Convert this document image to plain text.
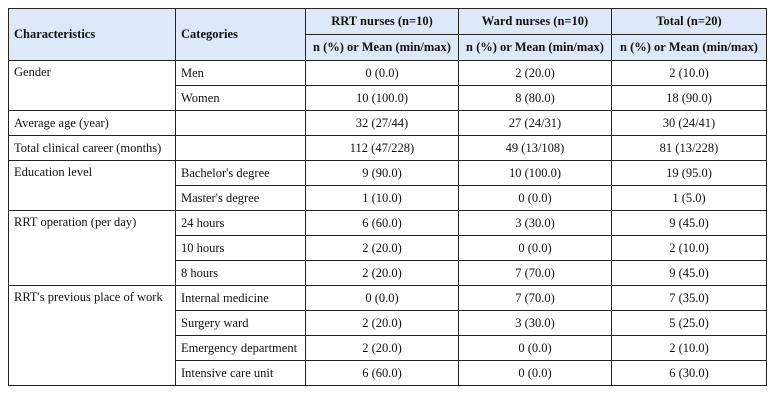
Characteristics	Categories	RRT nurses (n=10)	Ward nurses (n=10)	Total (n=20)
		n (%) or Mean (min/max)	n (%) or Mean (min/max)	n (%) or Mean (min/max)
Gender	Men	0 (0.0)	2 (20.0)	2 (10.0)
	Women	10 (100.0)	8 (80.0)	18 (90.0)
Average age (year)		32 (27/44)	27 (24/31)	30 (24/41)
Total clinical career (months)		112 (47/228)	49 (13/108)	81 (13/228)
Education level	Bachelor's degree	9 (90.0)	10 (100.0)	19 (95.0)
	Master's degree	1 (10.0)	0 (0.0)	1 (5.0)
RRT operation (per day)	24 hours	6 (60.0)	3 (30.0)	9 (45.0)
	10 hours	2 (20.0)	0 (0.0)	2 (10.0)
	8 hours	2 (20.0)	7 (70.0)	9 (45.0)
RRT's previous place of work	Internal medicine	0 (0.0)	7 (70.0)	7 (35.0)
	Surgery ward	2 (20.0)	3 (30.0)	5 (25.0)
	Emergency department	2 (20.0)	0 (0.0)	2 (10.0)
	Intensive care unit	6 (60.0)	0 (0.0)	6 (30.0)
